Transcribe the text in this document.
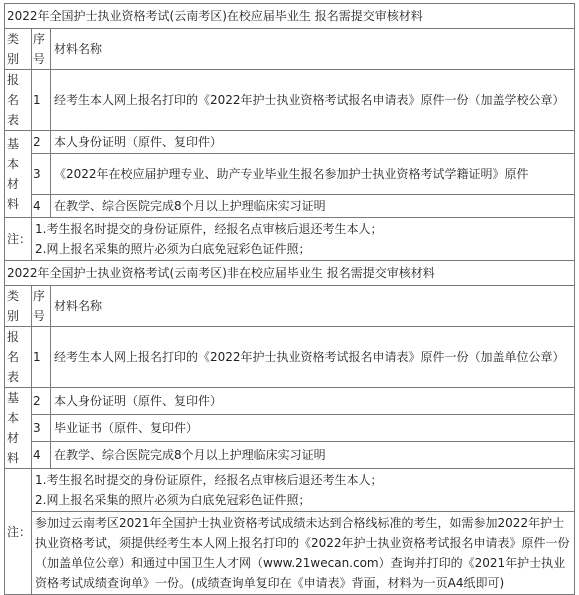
2022年全国护士执业资格考试(云南考区)在校应届毕业生 报名需提交审核材料		
类别	序号	材料名称
报名表	1	经考生本人网上报名打印的《2022年护士执业资格考试报名申请表》原件一份（加盖学校公章）
基本材料	2	本人身份证明（原件、复印件）
	3	《2022年在校应届护理专业、助产专业毕业生报名参加护士执业资格考试学籍证明》原件
	4	在教学、综合医院完成8个月以上护理临床实习证明
注：	1.考生报名时提交的身份证原件，经报名点审核后退还考生本人；
2.网上报名采集的照片必须为白底免冠彩色证件照；	

2022年全国护士执业资格考试(云南考区)非在校应届毕业生 报名需提交审核材料		
类别	序号	材料名称
报名表	1	经考生本人网上报名打印的《2022年护士执业资格考试报名申请表》原件一份（加盖单位公章）
基本材料	2	本人身份证明（原件、复印件）
	3	毕业证书（原件、复印件）
	4	在教学、综合医院完成8个月以上护理临床实习证明
注：	1.考生报名时提交的身份证原件，经报名点审核后退还考生本人；
2.网上报名采集的照片必须为白底免冠彩色证件照；	

	参加过云南考区2021年全国护士执业资格考试成绩未达到合格线标准的考生，如需参加2022年护士执业资格考试，须提供经考生本人网上报名打印的《2022年护士执业资格考试报名申请表》原件一份（加盖单位公章）和通过中国卫生人才网（www.21wecan.com）查询并打印的《2021年护士执业资格考试成绩查询单》一份。(成绩查询单复印在《申请表》背面，材料为一页A4纸即可)	
